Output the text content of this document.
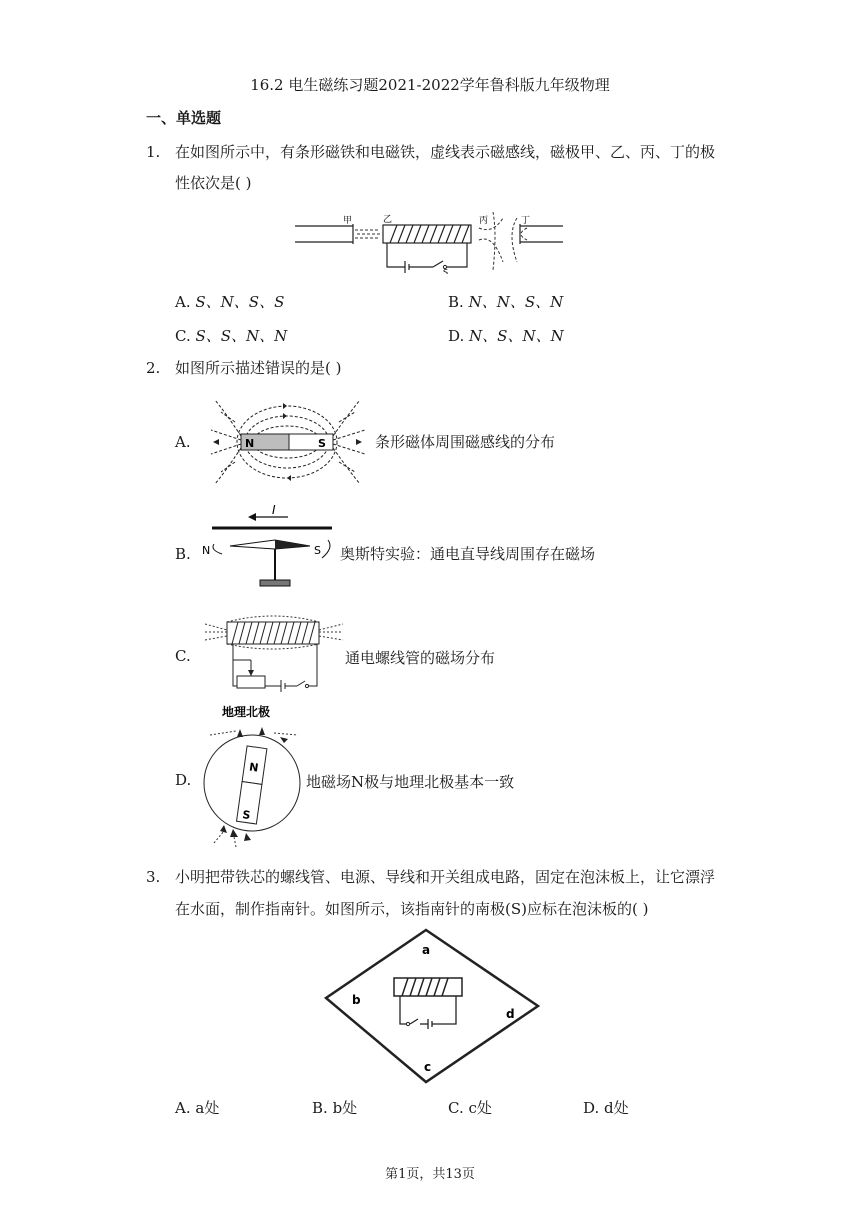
16.2 电生磁练习题2021-2022学年鲁科版九年级物理
一、单选题
1. 在如图所示中，有条形磁铁和电磁铁，虚线表示磁感线，磁极甲、乙、丙、丁的极
性依次是( )
甲	乙	丙
S
丁
A. S、N、S、S	B. N、N、S、N
C. S、S、N、N	D. N、S、N、N
2. 如图所示描述错误的是( )
A.	N	S	条形磁体周围磁感线的分布
B.
I
N	S 奥斯特实验：通电直导线周围存在磁场
C.	通电螺线管的磁场分布
D.
地理北极
N
S
地磁场N极与地理北极基本一致
3. 小明把带铁芯的螺线管、电源、导线和开关组成电路，固定在泡沫板上，让它漂浮
在水面，制作指南针。如图所示，该指南针的南极(S)应标在泡沫板的( )
a
b
c
d
A. a处	B. b处	C. c处	D. d处
第1页，共13页
